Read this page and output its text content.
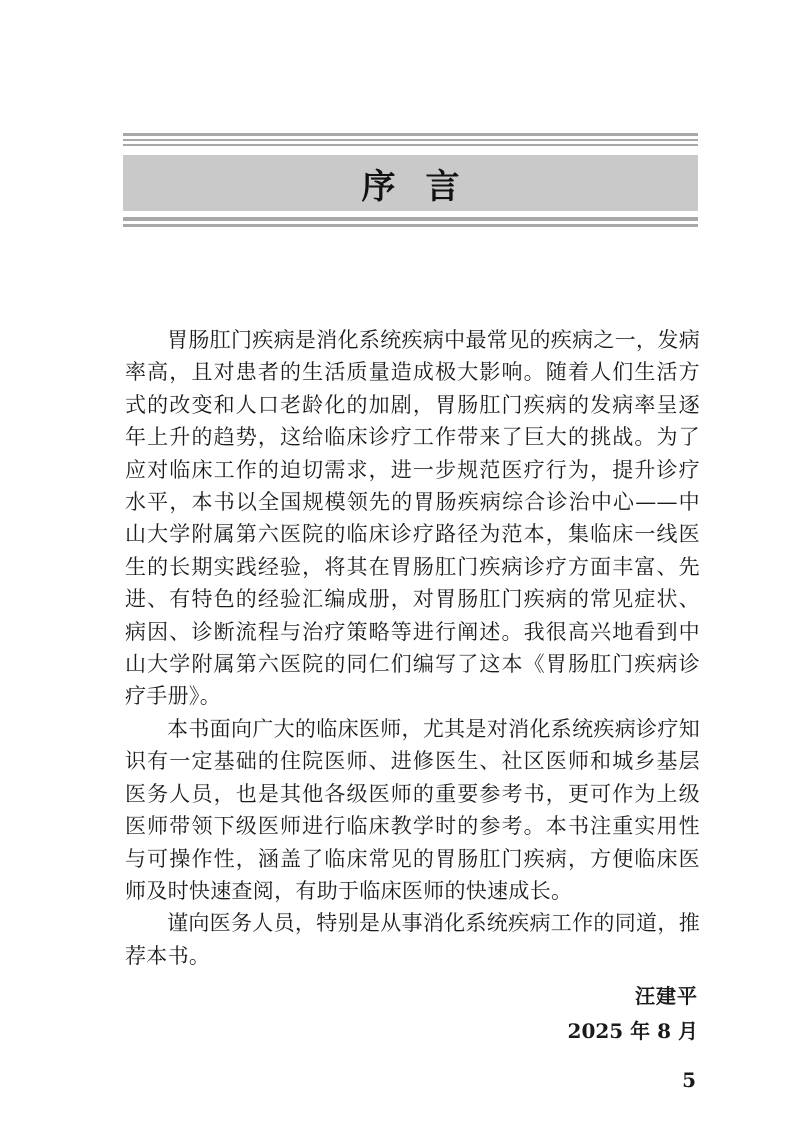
序言

胃肠肛门疾病是消化系统疾病中最常见的疾病之一，发病率高，且对患者的生活质量造成极大影响。随着人们生活方式的改变和人口老龄化的加剧，胃肠肛门疾病的发病率呈逐年上升的趋势，这给临床诊疗工作带来了巨大的挑战。为了应对临床工作的迫切需求，进一步规范医疗行为，提升诊疗水平，本书以全国规模领先的胃肠疾病综合诊治中心——中山大学附属第六医院的临床诊疗路径为范本，集临床一线医生的长期实践经验，将其在胃肠肛门疾病诊疗方面丰富、先进、有特色的经验汇编成册，对胃肠肛门疾病的常见症状、病因、诊断流程与治疗策略等进行阐述。我很高兴地看到中山大学附属第六医院的同仁们编写了这本《胃肠肛门疾病诊疗手册》。

本书面向广大的临床医师，尤其是对消化系统疾病诊疗知识有一定基础的住院医师、进修医生、社区医师和城乡基层医务人员，也是其他各级医师的重要参考书，更可作为上级医师带领下级医师进行临床教学时的参考。本书注重实用性与可操作性，涵盖了临床常见的胃肠肛门疾病，方便临床医师及时快速查阅，有助于临床医师的快速成长。

谨向医务人员，特别是从事消化系统疾病工作的同道，推荐本书。

汪建平
2025 年 8 月
5
